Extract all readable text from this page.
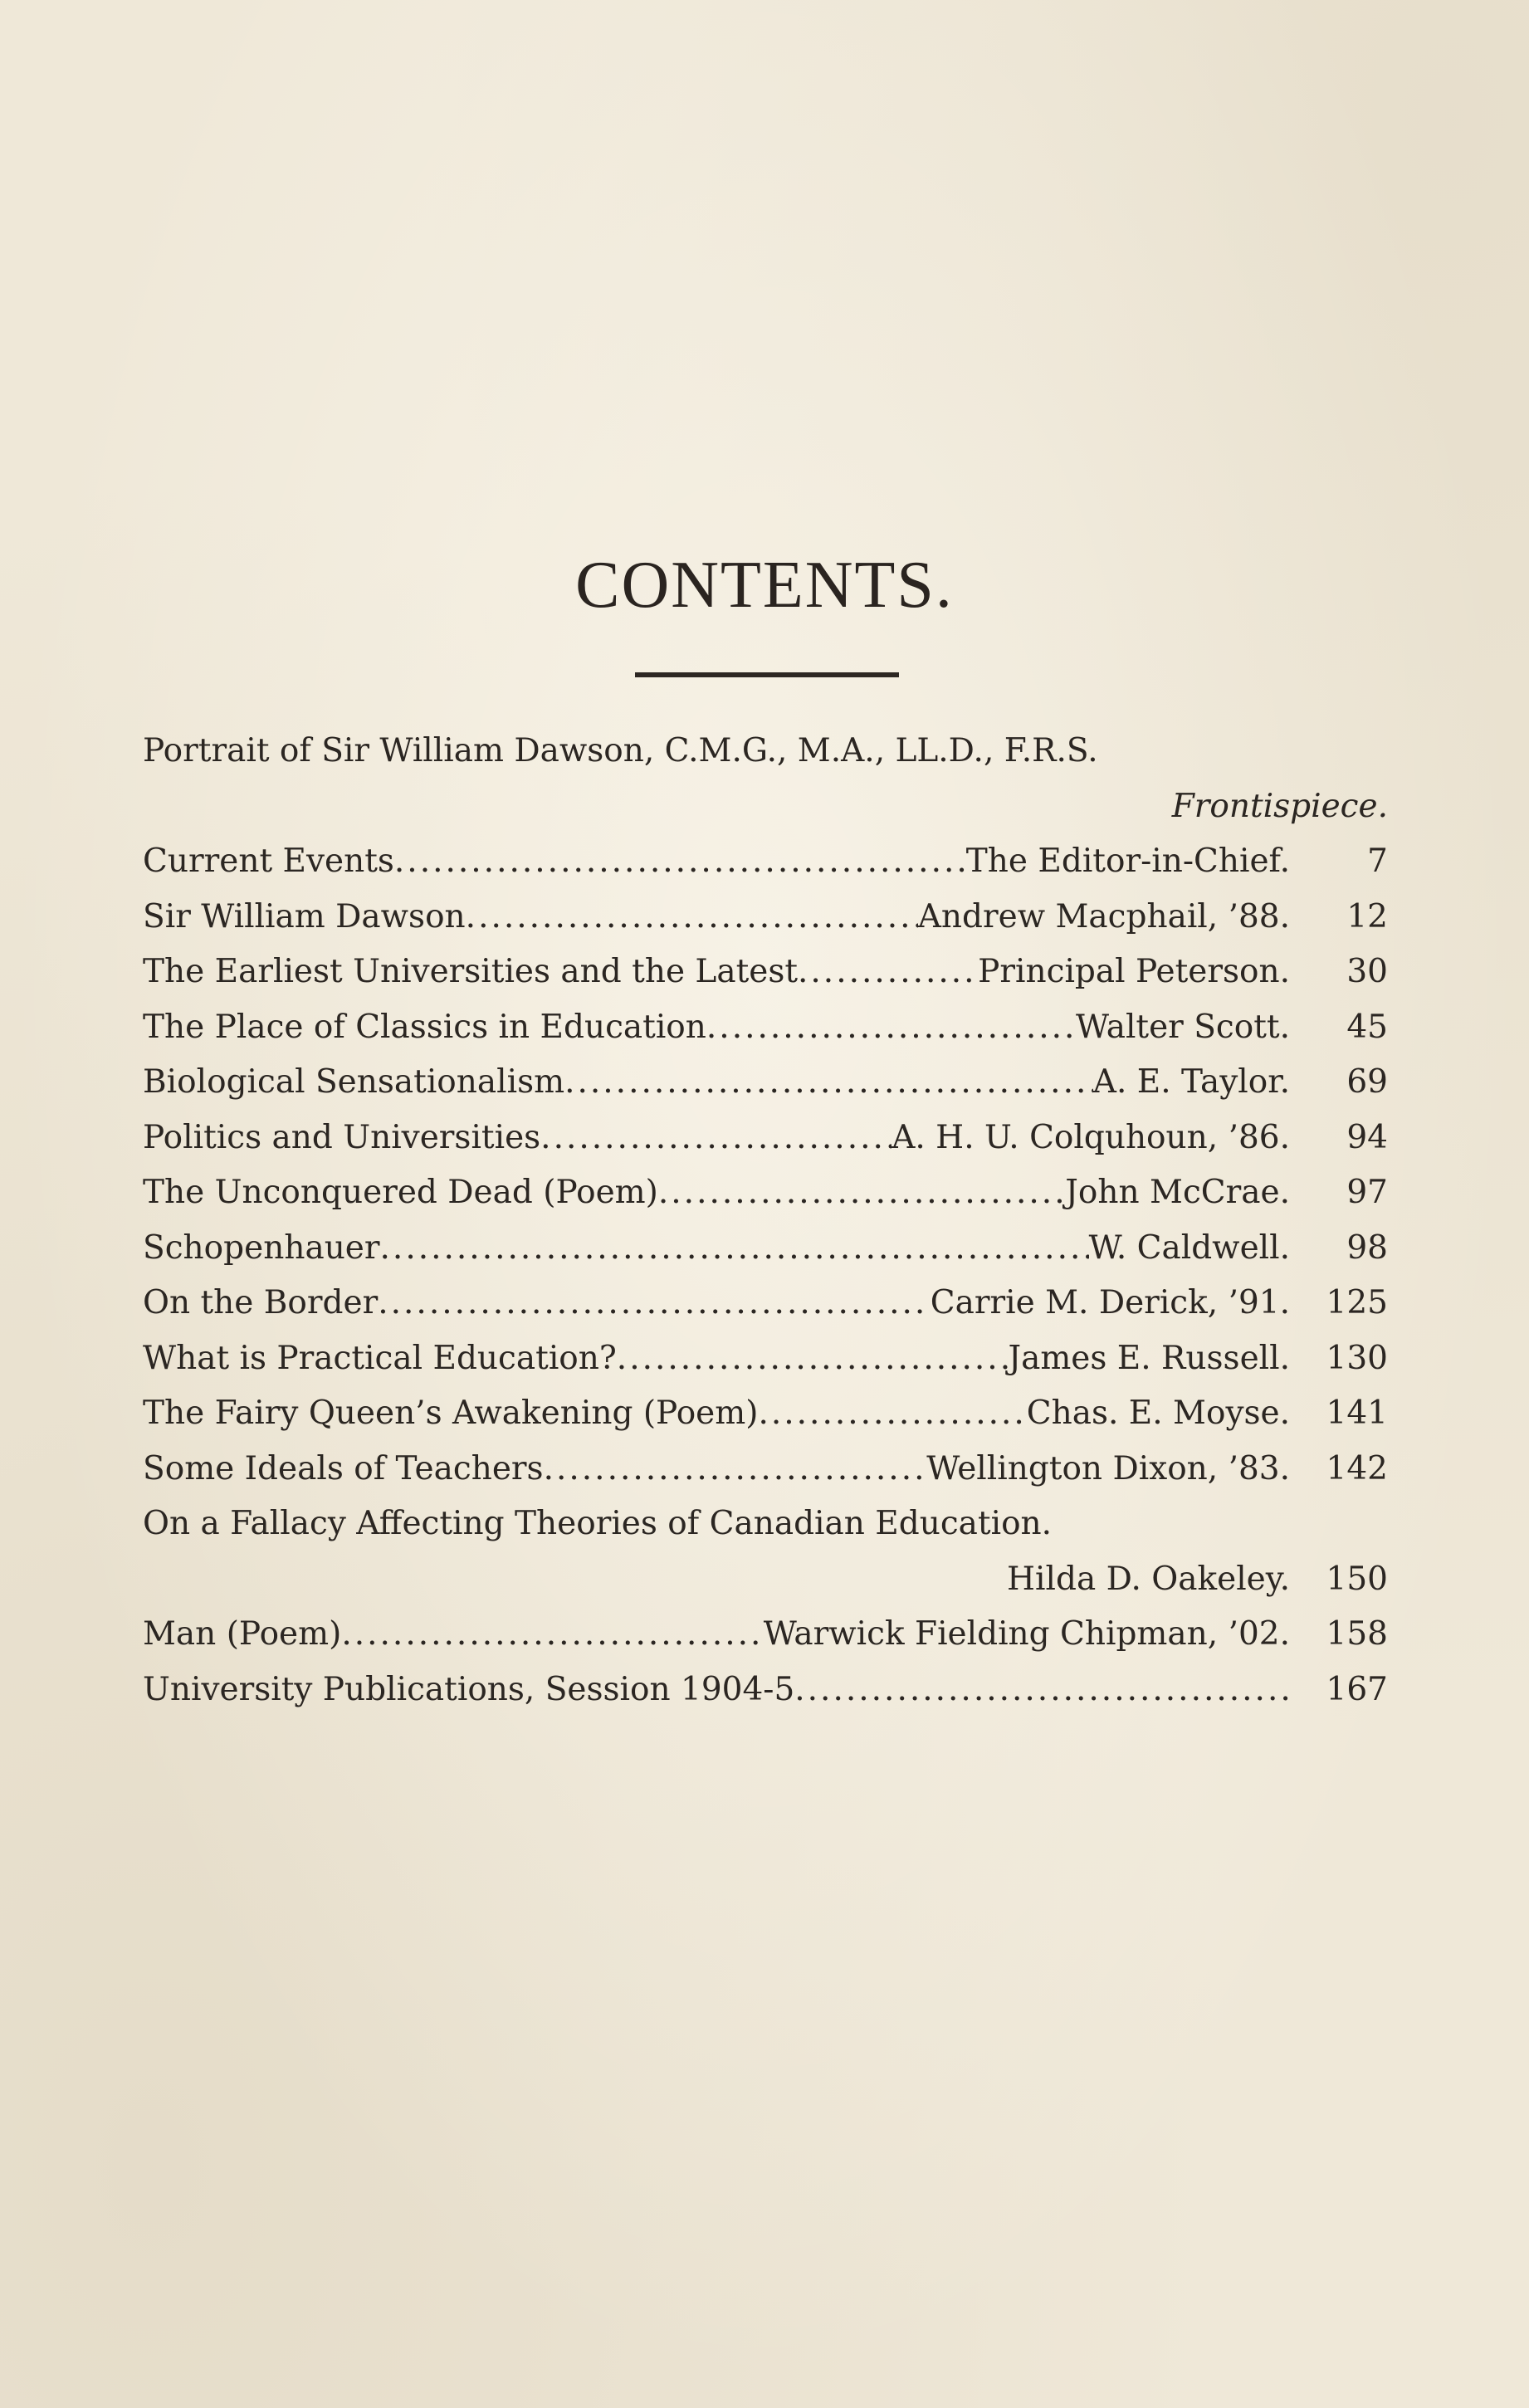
CONTENTS.
Portrait of Sir William Dawson, C.M.G., M.A., LL.D., F.R.S.
Frontispiece.
Current Events .....	The Editor-in-Chief.	7
Sir William Dawson .....	Andrew Macphail, ’88.	12
The Earliest Universities and the Latest .....	Principal Peterson.	30
The Place of Classics in Education .....	Walter Scott.	45
Biological Sensationalism .....	A. E. Taylor.	69
Politics and Universities .....	A. H. U. Colquhoun, ’86.	94
The Unconquered Dead (Poem) .....	John McCrae.	97
Schopenhauer .....	W. Caldwell.	98
On the Border .....	Carrie M. Derick, ’91.	125
What is Practical Education? .....	James E. Russell.	130
The Fairy Queen’s Awakening (Poem) .....	Chas. E. Moyse.	141
Some Ideals of Teachers .....	Wellington Dixon, ’83.	142
On a Fallacy Affecting Theories of Canadian Education.
Hilda D. Oakeley.	150
Man (Poem) .....	Warwick Fielding Chipman, ’02.	158
University Publications, Session 1904-5 .....	167
